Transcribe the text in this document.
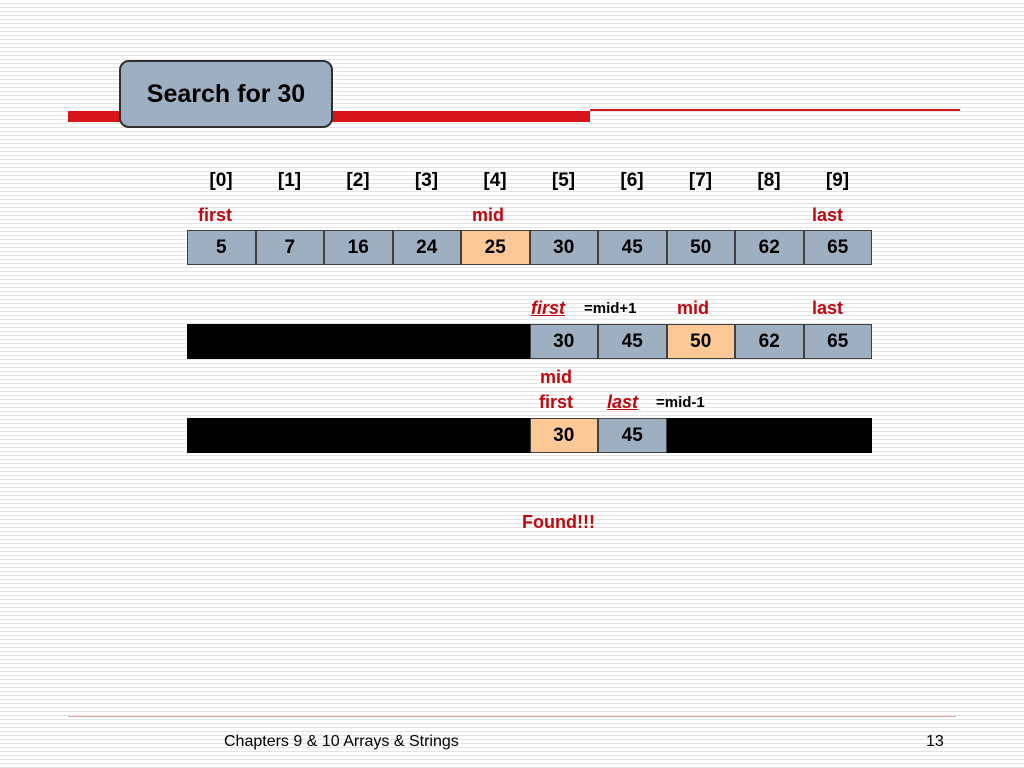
Search for 30
[0]	[1]	[2]	[3]	[4]	[5]	[6]	[7]	[8]	[9]
first	mid	last
5	7	16	24	25	30	45	50	62	65
first =mid+1 mid	last
30	45	50	62	65
mid
first last =mid-1
30	45
Found!!!
Chapters 9 & 10 Arrays & Strings	13
